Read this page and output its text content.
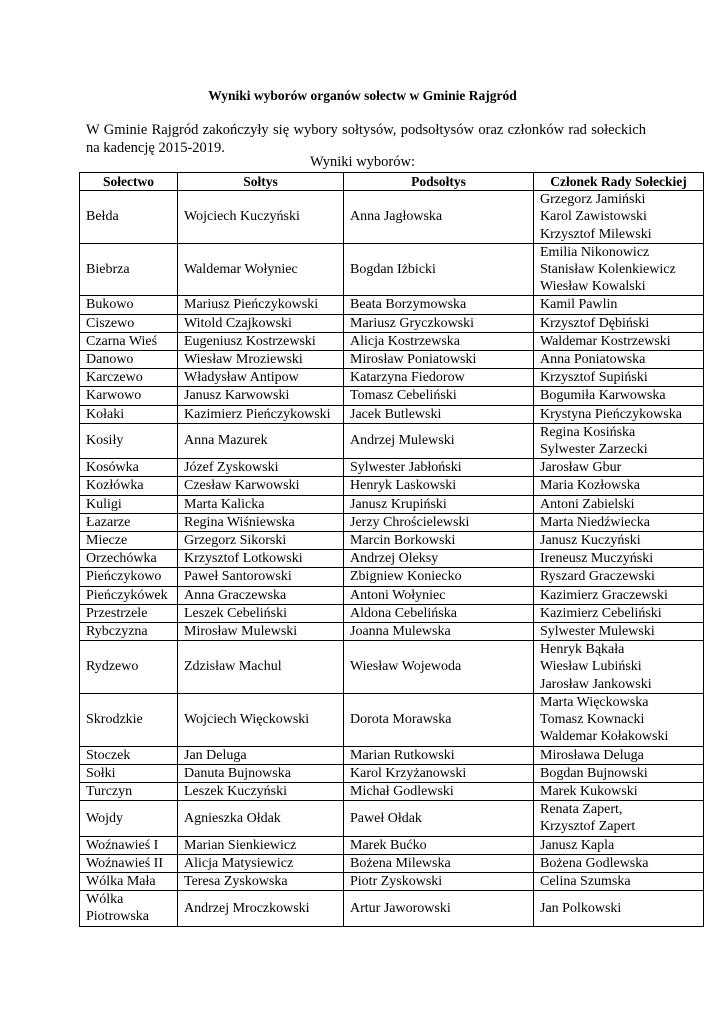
Wyniki wyborów organów sołectw w Gminie Rajgród
W Gminie Rajgród zakończyły się wybory sołtysów, podsołtysów oraz członków rad sołeckich na kadencję 2015-2019.
Wyniki wyborów:
Sołectwo	Sołtys	Podsołtys	Członek Rady Sołeckiej
Bełda	Wojciech Kuczyński	Anna Jagłowska	Grzegorz Jamiński
Karol Zawistowski
Krzysztof Milewski

Biebrza	Waldemar Wołyniec	Bogdan Iżbicki	Emilia Nikonowicz
Stanisław Kolenkiewicz
Wiesław Kowalski

Bukowo	Mariusz Pieńczykowski	Beata Borzymowska	Kamil Pawlin

Ciszewo	Witold Czajkowski	Mariusz Gryczkowski	Krzysztof Dębiński

Czarna Wieś	Eugeniusz Kostrzewski	Alicja Kostrzewska	Waldemar Kostrzewski

Danowo	Wiesław Mroziewski	Mirosław Poniatowski	Anna Poniatowska

Karczewo	Władysław Antipow	Katarzyna Fiedorow	Krzysztof Supiński

Karwowo	Janusz Karwowski	Tomasz Cebeliński	Bogumiła Karwowska

Kołaki	Kazimierz Pieńczykowski	Jacek Butlewski	Krystyna Pieńczykowska

Kosiły	Anna Mazurek	Andrzej Mulewski	Regina Kosińska
Sylwester Zarzecki

Kosówka	Józef Zyskowski	Sylwester Jabłoński	Jarosław Gbur

Kozłówka	Czesław Karwowski	Henryk Laskowski	Maria Kozłowska

Kuligi	Marta Kalicka	Janusz Krupiński	Antoni Zabielski

Łazarze	Regina Wiśniewska	Jerzy Chrościelewski	Marta Niedźwiecka

Miecze	Grzegorz Sikorski	Marcin Borkowski	Janusz Kuczyński

Orzechówka	Krzysztof Lotkowski	Andrzej Oleksy	Ireneusz Muczyński

Pieńczykowo	Paweł Santorowski	Zbigniew Koniecko	Ryszard Graczewski

Pieńczykówek	Anna Graczewska	Antoni Wołyniec	Kazimierz Graczewski

Przestrzele	Leszek Cebeliński	Aldona Cebelińska	Kazimierz Cebeliński

Rybczyzna	Mirosław Mulewski	Joanna Mulewska	Sylwester Mulewski

Rydzewo	Zdzisław Machul	Wiesław Wojewoda	Henryk Bąkała
Wiesław Lubiński
Jarosław Jankowski

Skrodzkie	Wojciech Więckowski	Dorota Morawska	Marta Więckowska
Tomasz Kownacki
Waldemar Kołakowski

Stoczek	Jan Deluga	Marian Rutkowski	Mirosława Deluga

Sołki	Danuta Bujnowska	Karol Krzyżanowski	Bogdan Bujnowski

Turczyn	Leszek Kuczyński	Michał Godlewski	Marek Kukowski

Wojdy	Agnieszka Ołdak	Paweł Ołdak	Renata Zapert,
Krzysztof Zapert

Woźnawieś I	Marian Sienkiewicz	Marek Bućko	Janusz Kapla

Woźnawieś II	Alicja Matysiewicz	Bożena Milewska	Bożena Godlewska

Wólka Mała	Teresa Zyskowska	Piotr Zyskowski	Celina Szumska

Wólka Piotrowska	Andrzej Mroczkowski	Artur Jaworowski	Jan Polkowski
